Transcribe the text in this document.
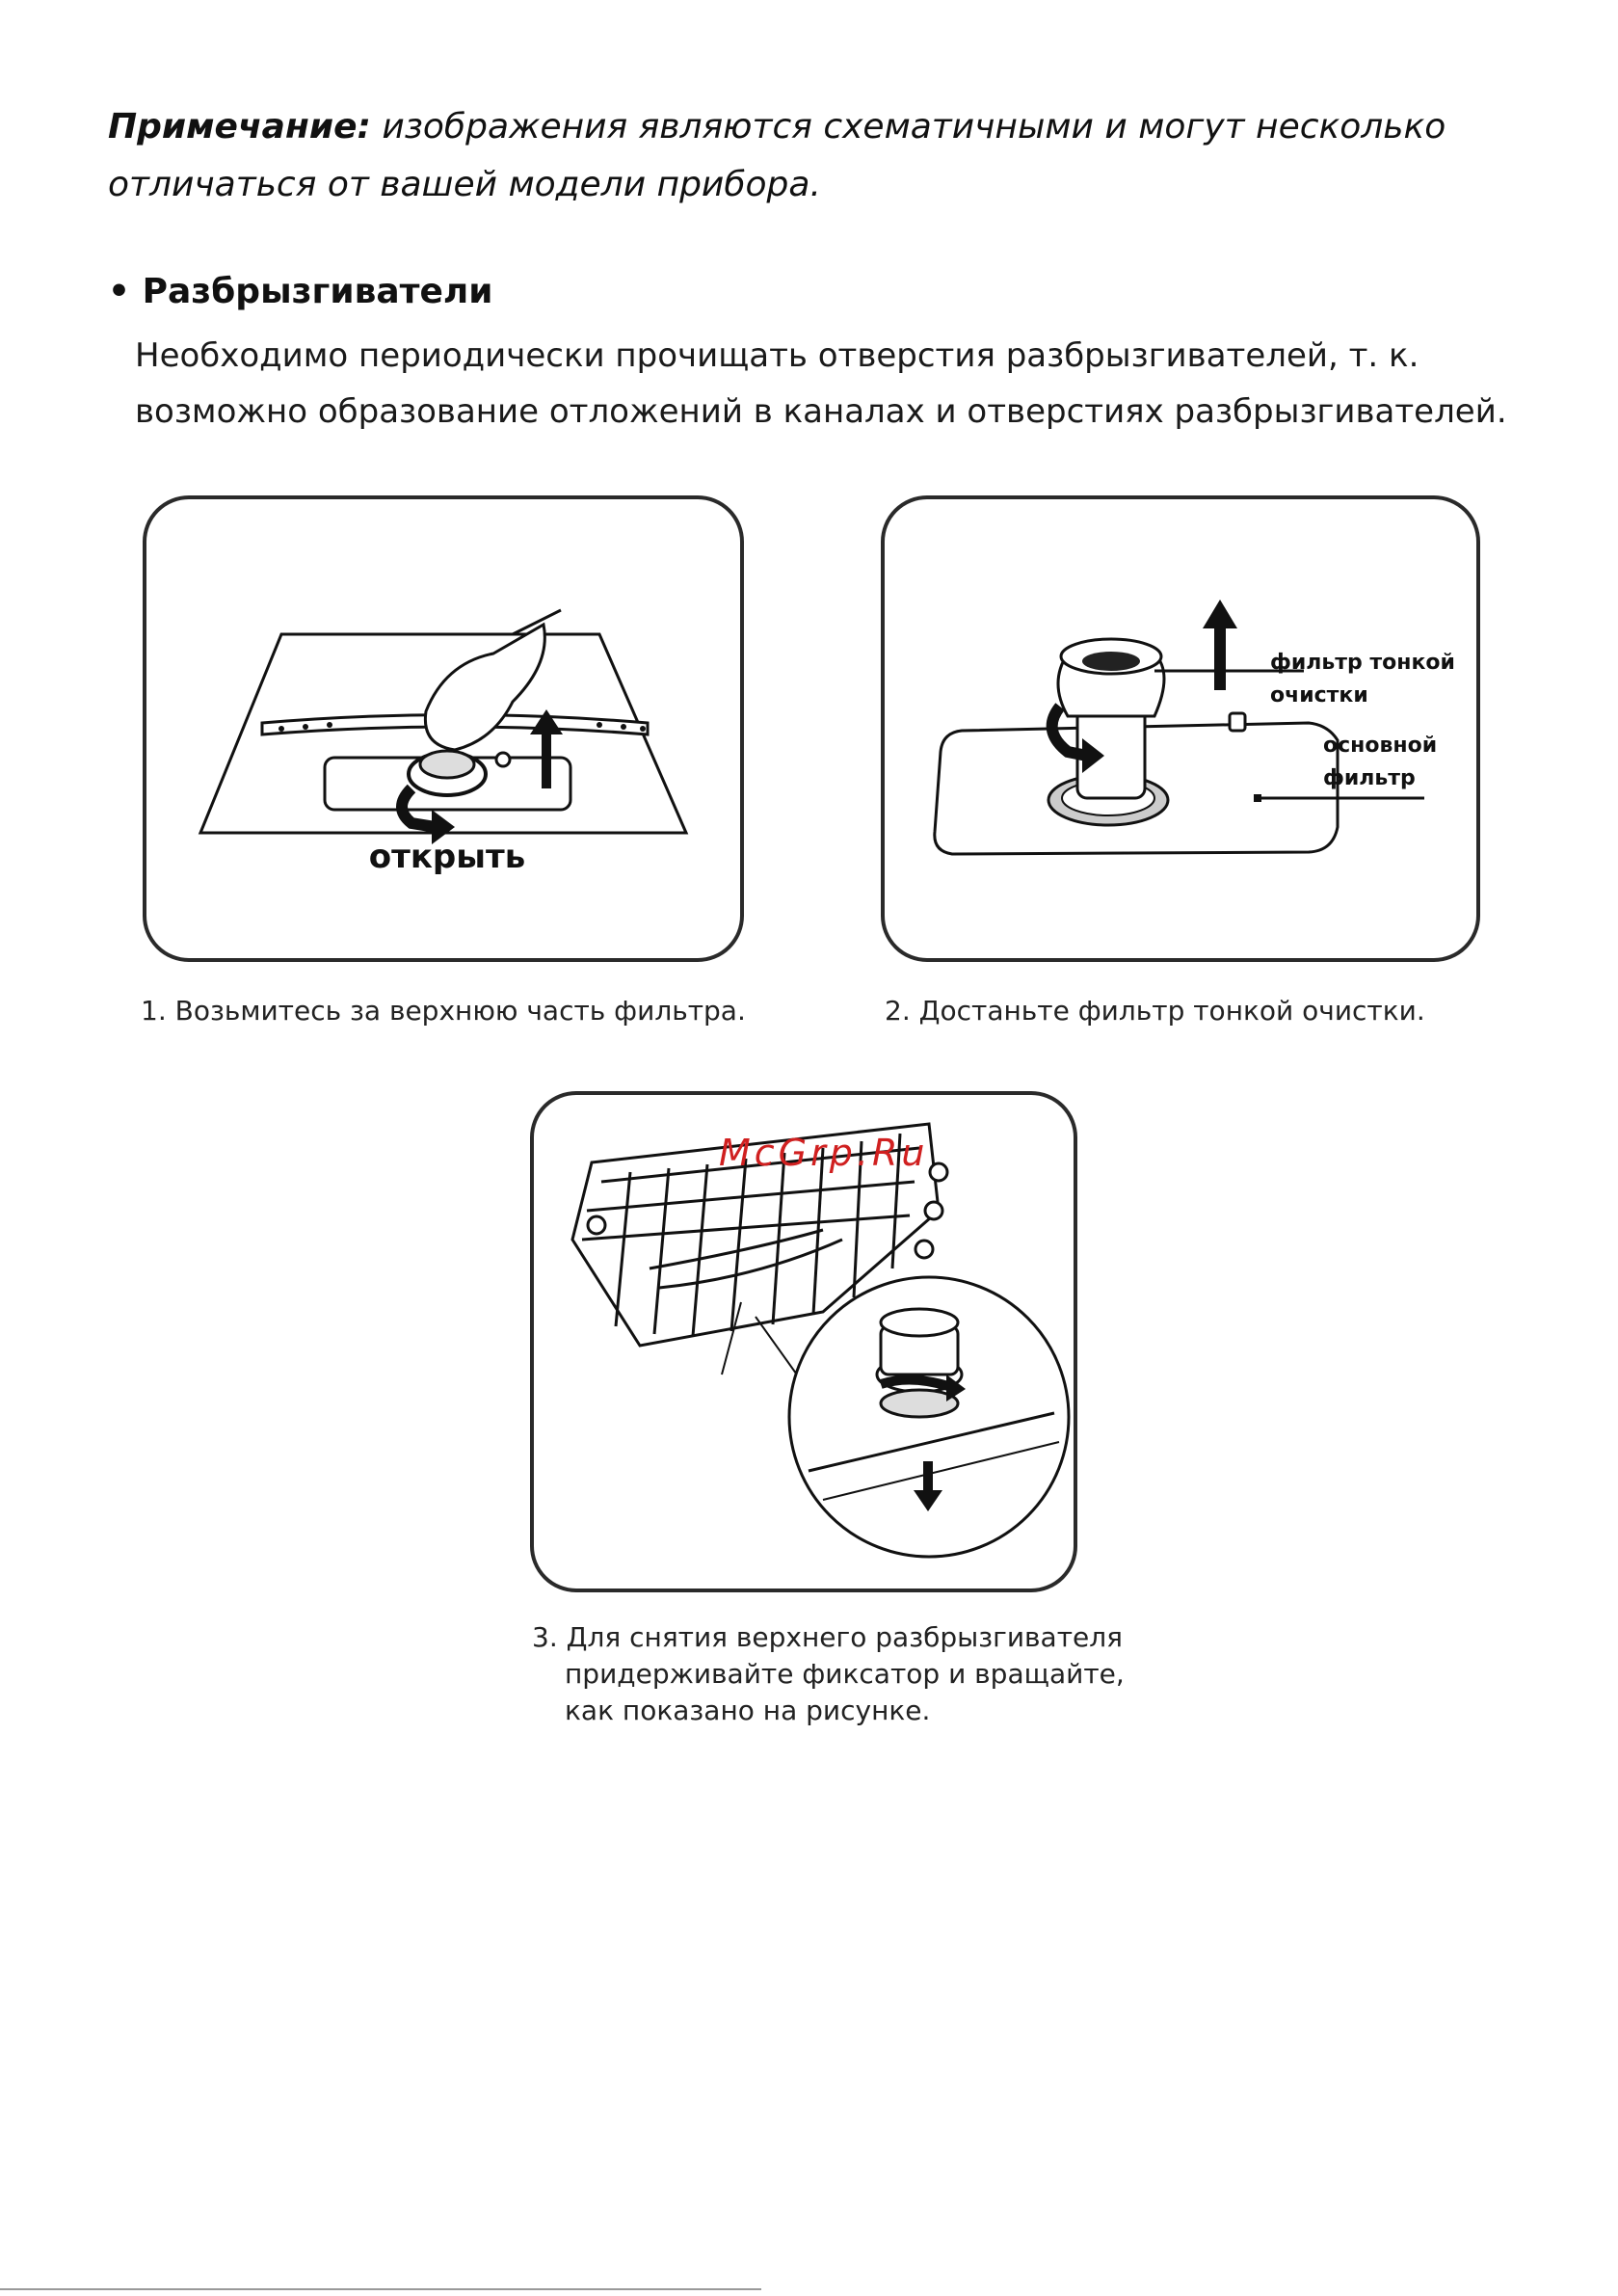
Примечание: изображения являются схематичными и могут несколько отличаться от вашей модели прибора.
• Разбрызгиватели
Необходимо периодически прочищать отверстия разбрызгивателей, т. к. возможно образование отложений в каналах и отверстиях разбрызгивателей.
открыть
1. Возьмитесь за верхнюю часть фильтра.
фильтр тонкой
очистки
основной
фильтр
2. Достаньте фильтр тонкой очистки.
McGrp.Ru
3. Для снятия верхнего разбрызгивателя
придерживайте фиксатор и вращайте,
как показано на рисунке.
